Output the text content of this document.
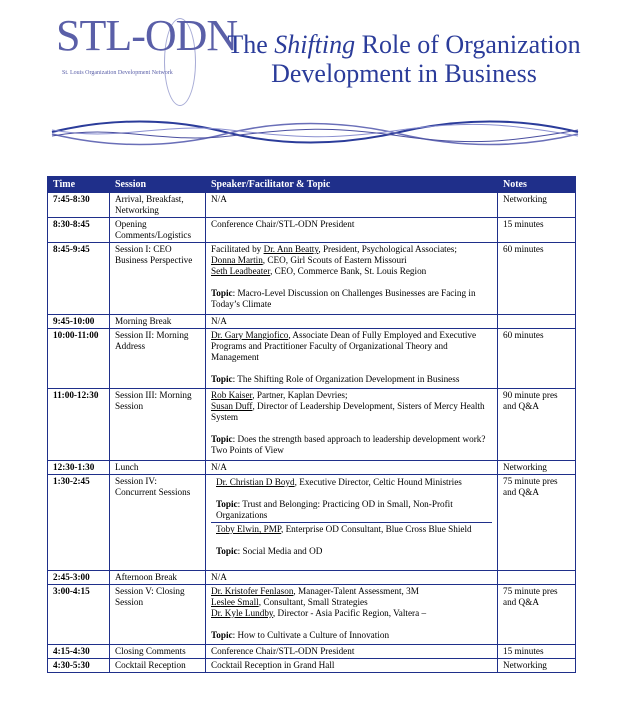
STL-ODN
St. Louis Organization Development Network
The Shifting Role of Organization
Development in Business
Time	Session	Speaker/Facilitator & Topic	Notes
7:45-8:30	Arrival, Breakfast, Networking	N/A	Networking
8:30-8:45	Opening Comments/Logistics	Conference Chair/STL-ODN President	15 minutes
8:45-9:45	Session I: CEO Business Perspective	Facilitated by Dr. Ann Beatty, President, Psychological Associates;
Donna Martin, CEO, Girl Scouts of Eastern Missouri
Seth Leadbeater, CEO, Commerce Bank, St. Louis Region
Topic: Macro-Level Discussion on Challenges Businesses are Facing in Today’s Climate	60 minutes
9:45-10:00	Morning Break	N/A	
10:00-11:00	Session II: Morning Address	Dr. Gary Mangiofico, Associate Dean of Fully Employed and Executive Programs and Practitioner Faculty of Organizational Theory and Management
Topic: The Shifting Role of Organization Development in Business	60 minutes
11:00-12:30	Session III: Morning Session	Rob Kaiser, Partner, Kaplan Devries;
Susan Duff, Director of Leadership Development, Sisters of Mercy Health System
Topic: Does the strength based approach to leadership development work? Two Points of View	90 minute pres and Q&A
12:30-1:30	Lunch	N/A	Networking
1:30-2:45	Session IV: Concurrent Sessions	Dr. Christian D Boyd, Executive Director, Celtic Hound Ministries
Topic: Trust and Belonging: Practicing OD in Small, Non-Profit Organizations
Toby Elwin, PMP, Enterprise OD Consultant, Blue Cross Blue Shield
Topic: Social Media and OD	75 minute pres and Q&A
2:45-3:00	Afternoon Break	N/A	
3:00-4:15	Session V: Closing Session	Dr. Kristofer Fenlason, Manager-Talent Assessment, 3M
Leslee Small, Consultant, Small Strategies
Dr. Kyle Lundby, Director - Asia Pacific Region, Valtera –
Topic: How to Cultivate a Culture of Innovation	75 minute pres and Q&A
4:15-4:30	Closing Comments	Conference Chair/STL-ODN President	15 minutes
4:30-5:30	Cocktail Reception	Cocktail Reception in Grand Hall	Networking
